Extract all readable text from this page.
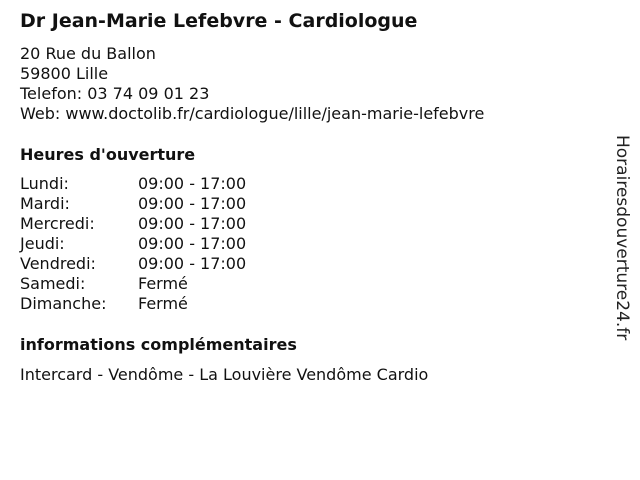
Dr Jean-Marie Lefebvre - Cardiologue
20 Rue du Ballon
59800 Lille
Telefon: 03 74 09 01 23
Web: www.doctolib.fr/cardiologue/lille/jean-marie-lefebvre
Heures d'ouverture
Lundi:	09:00 - 17:00
Mardi:	09:00 - 17:00
Mercredi:	09:00 - 17:00
Jeudi:	09:00 - 17:00
Vendredi:	09:00 - 17:00
Samedi:	Fermé
Dimanche: Fermé
informations complémentaires
Intercard - Vendôme - La Louvière Vendôme Cardio
Horairesdouverture24.fr
